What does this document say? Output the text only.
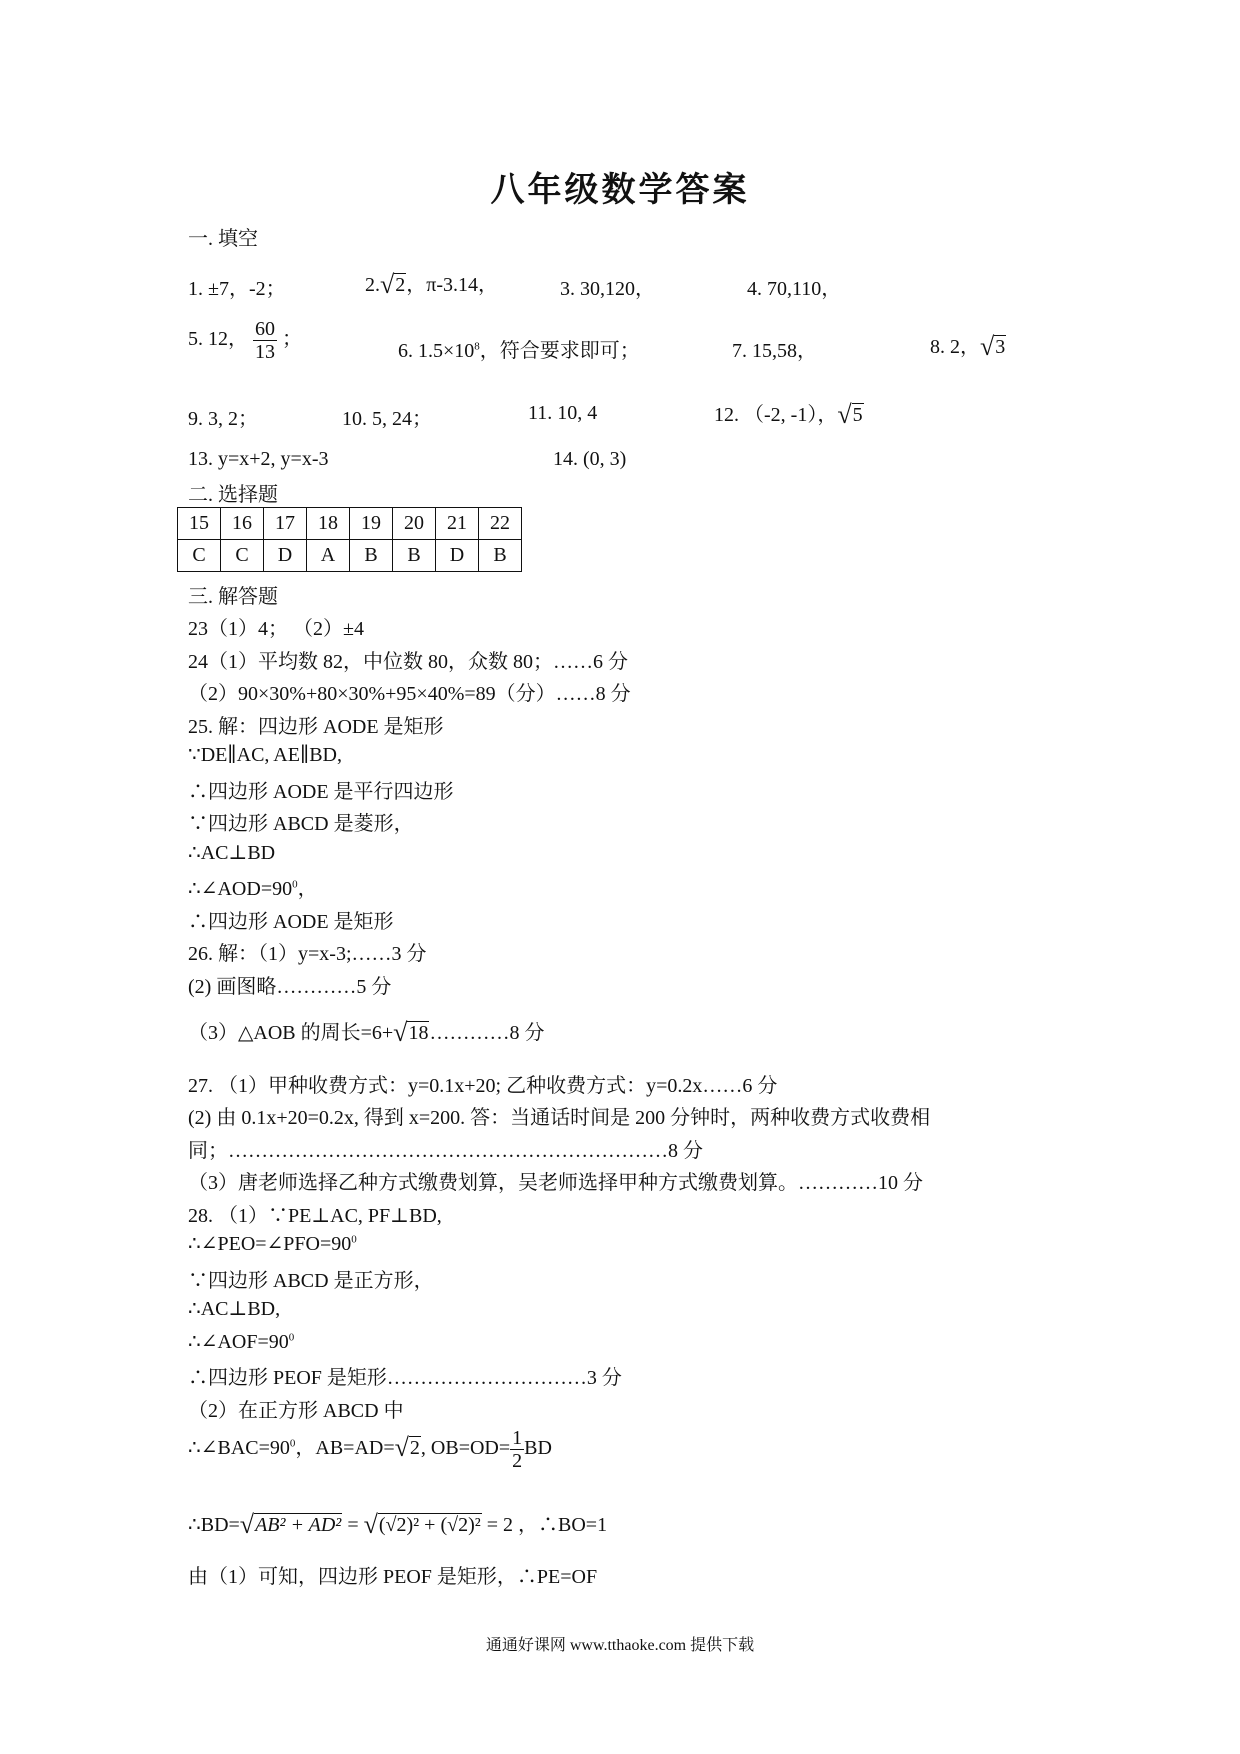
八年级数学答案
一. 填空
1. ±7，-2；	2.√2，π-3.14，	3. 30,120，	4. 70,110，
5. 12， $\frac{60}{13}$ ；
6. $1.5\times 10^8$，符合要求即可；	7. 15,58，	8. 2，√3
9. 3, 2；	10. 5, 24；	11. 10, 4	12. （-2, -1），√5
13. y=x+2, y=x-3	14. (0, 3)
二. 选择题
15	16	17	18	19	20	21	22
C	C	D	A	B	B	D	B
三. 解答题
23（1）4； （2）±4
24（1）平均数 82，中位数 80，众数 80；……6 分
（2）90×30%+80×30%+95×40%=89（分）……8 分
25. 解：四边形 AODE 是矩形
∵DE∥AC, AE∥BD,
∴四边形 AODE 是平行四边形
∵四边形 ABCD 是菱形，
∴AC⊥BD
$\therefore\angle AOD=90^0$，
∴四边形 AODE 是矩形
26. 解：（1）y=x-3;……3 分
(2) 画图略…………5 分
（3）△AOB 的周长=6+√18…………8 分
27. （1）甲种收费方式：y=0.1x+20; 乙种收费方式：y=0.2x……6 分
(2) 由 0.1x+20=0.2x, 得到 x=200. 答：当通话时间是 200 分钟时，两种收费方式收费相
同；…………………………………………………………8 分
（3）唐老师选择乙种方式缴费划算，吴老师选择甲种方式缴费划算。…………10 分
28. （1）∵PE⊥AC, PF⊥BD,
$\therefore\angle PEO=\angle PFO=90^0$
∵四边形 ABCD 是正方形，
∴AC⊥BD,
$\therefore\angle AOF=90^0$
∴四边形 PEOF 是矩形…………………………3 分
（2）在正方形 ABCD 中
$\therefore\angle BAC=90^0$，AB=AD=√2, $OB=OD= \frac{1}{2}$ BD
∴BD=√AB² + AD² = √(√2)² + (√2)² = 2 ，∴BO=1
由（1）可知，四边形 PEOF 是矩形，∴PE=OF
通通好课网 www.tthaoke.com 提供下载
